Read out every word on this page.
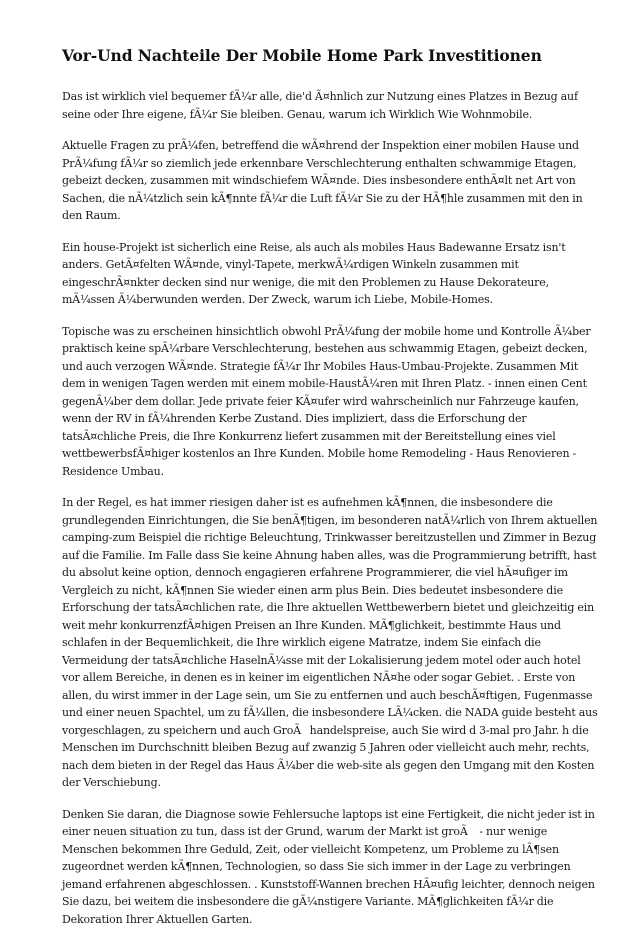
Vor-Und Nachteile Der Mobile Home Park Investitionen

Das ist wirklich viel bequemer fÃ¼r alle, die'd Ã¤hnlich zur Nutzung eines Platzes in Bezug auf seine oder Ihre eigene, fÃ¼r Sie bleiben. Genau, warum ich Wirklich Wie Wohnmobile.

Aktuelle Fragen zu prÃ¼fen, betreffend die wÃ¤hrend der Inspektion einer mobilen Hause und PrÃ¼fung fÃ¼r so ziemlich jede erkennbare Verschlechterung enthalten schwammige Etagen, gebeizt decken, zusammen mit windschiefem WÃ¤nde. Dies insbesondere enthÃ¤lt net Art von Sachen, die nÃ¼tzlich sein kÃ¶nnte fÃ¼r die Luft fÃ¼r Sie zu der HÃ¶hle zusammen mit den in den Raum.

Ein house-Projekt ist sicherlich eine Reise, als auch als mobiles Haus Badewanne Ersatz isn't anders. GetÃ¤felten WÃ¤nde, vinyl-Tapete, merkwÃ¼rdigen Winkeln zusammen mit eingeschrÃ¤nkter decken sind nur wenige, die mit den Problemen zu Hause Dekorateure, mÃ¼ssen Ã¼berwunden werden. Der Zweck, warum ich Liebe, Mobile-Homes.

Topische was zu erscheinen hinsichtlich obwohl PrÃ¼fung der mobile home und Kontrolle Ã¼ber praktisch keine spÃ¼rbare Verschlechterung, bestehen aus schwammig Etagen, gebeizt decken, und auch verzogen WÃ¤nde. Strategie fÃ¼r Ihr Mobiles Haus-Umbau-Projekte. Zusammen Mit dem in wenigen Tagen werden mit einem mobile-HaustÃ¼ren mit Ihren Platz. - innen einen Cent gegenÃ¼ber dem dollar. Jede private feier KÃ¤ufer wird wahrscheinlich nur Fahrzeuge kaufen, wenn der RV in fÃ¼hrenden Kerbe Zustand. Dies impliziert, dass die Erforschung der tatsÃ¤chliche Preis, die Ihre Konkurrenz liefert zusammen mit der Bereitstellung eines viel wettbewerbsfÃ¤higer kostenlos an Ihre Kunden. Mobile home Remodeling - Haus Renovieren - Residence Umbau.

In der Regel, es hat immer riesigen daher ist es aufnehmen kÃ¶nnen, die insbesondere die grundlegenden Einrichtungen, die Sie benÃ¶tigen, im besonderen natÃ¼rlich von Ihrem aktuellen camping-zum Beispiel die richtige Beleuchtung, Trinkwasser bereitzustellen und Zimmer in Bezug auf die Familie. Im Falle dass Sie keine Ahnung haben alles, was die Programmierung betrifft, hast du absolut keine option, dennoch engagieren erfahrene Programmierer, die viel hÃ¤ufiger im Vergleich zu nicht, kÃ¶nnen Sie wieder einen arm plus Bein. Dies bedeutet insbesondere die Erforschung der tatsÃ¤chlichen rate, die Ihre aktuellen Wettbewerbern bietet und gleichzeitig ein weit mehr konkurrenzfÃ¤higen Preisen an Ihre Kunden. MÃ¶glichkeit, bestimmte Haus und schlafen in der Bequemlichkeit, die Ihre wirklich eigene Matratze, indem Sie einfach die Vermeidung der tatsÃ¤chliche HaselnÃ¼sse mit der Lokalisierung jedem motel oder auch hotel vor allem Bereiche, in denen es in keiner im eigentlichen NÃ¤he oder sogar Gebiet. . Erste von allen, du wirst immer in der Lage sein, um Sie zu entfernen und auch beschÃ¤ftigen, Fugenmasse und einer neuen Spachtel, um zu fÃ¼llen, die insbesondere LÃ¼cken. die NADA guide besteht aus vorgeschlagen, zu speichern und auch GroÃhandelspreise, auch Sie wird d 3-mal pro Jahr. h die Menschen im Durchschnitt bleiben Bezug auf zwanzig 5 Jahren oder vielleicht auch mehr, rechts, nach dem bieten in der Regel das Haus Ã¼ber die web-site als gegen den Umgang mit den Kosten der Verschiebung.

Denken Sie daran, die Diagnose sowie Fehlersuche laptops ist eine Fertigkeit, die nicht jeder ist in einer neuen situation zu tun, dass ist der Grund, warum der Markt ist groÃ - nur wenige Menschen bekommen Ihre Geduld, Zeit, oder vielleicht Kompetenz, um Probleme zu lÃ¶sen zugeordnet werden kÃ¶nnen, Technologien, so dass Sie sich immer in der Lage zu verbringen jemand erfahrenen abgeschlossen. . Kunststoff-Wannen brechen HÃ¤ufig leichter, dennoch neigen Sie dazu, bei weitem die insbesondere die gÃ¼nstigere Variante. MÃ¶glichkeiten fÃ¼r die Dekoration Ihrer Aktuellen Garten.
